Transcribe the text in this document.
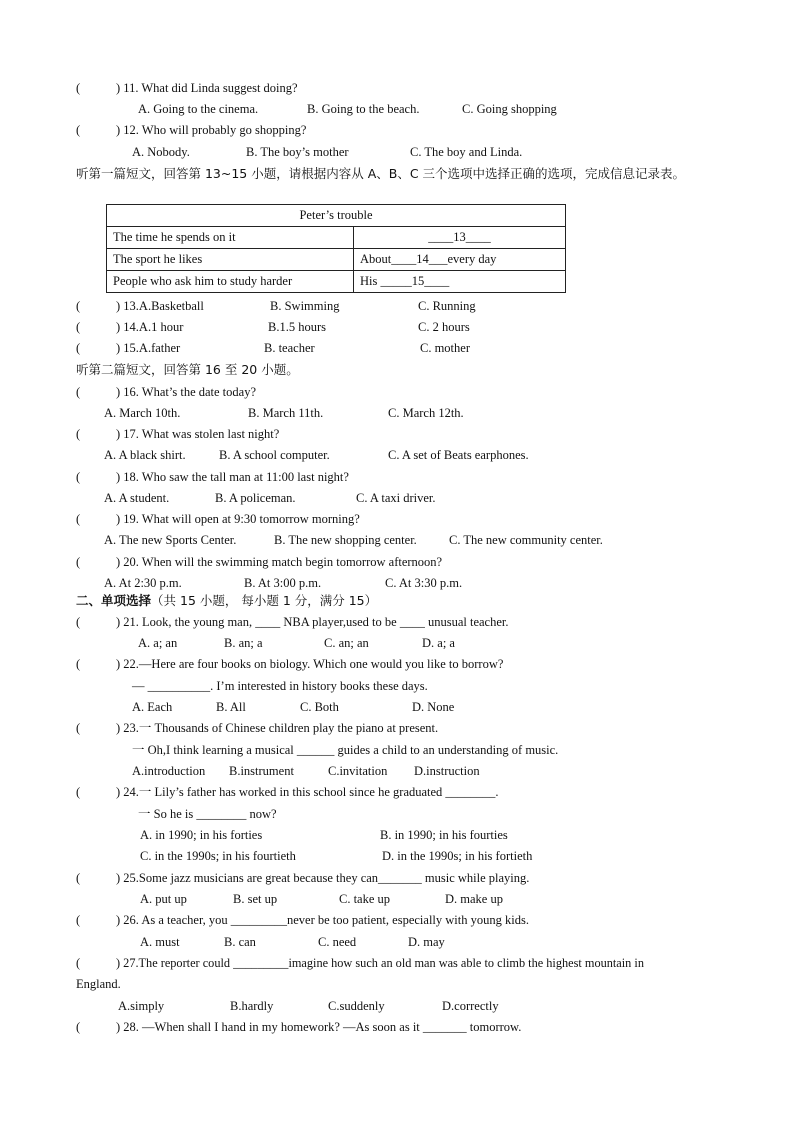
(	) 11. What did Linda suggest doing?
A. Going to the cinema.	B. Going to the beach.	C. Going shopping
(	) 12. Who will probably go shopping?
A. Nobody.	B. The boy’s mother	C. The boy and Linda.
听第一篇短文，回答第 13~15 小题，请根据内容从 A、B、C 三个选项中选择正确的选项，完成信息记录表。
Peter’s trouble	
The time he spends on it	____13____
The sport he likes	About____14___every day
People who ask him to study harder	His _____15____
(	) 13.A.Basketball	B. Swimming	C. Running
(	) 14.A.1 hour	B.1.5 hours	C. 2 hours
(	) 15.A.father	B. teacher	C. mother
听第二篇短文，回答第 16 至 20 小题。
(	) 16. What’s the date today?
A. March 10th.	B. March 11th.	C. March 12th.
(	) 17. What was stolen last night?
A. A black shirt.	B. A school computer.	C. A set of Beats earphones.
(	) 18. Who saw the tall man at 11:00 last night?
A. A student.	B. A policeman.	C. A taxi driver.
(	) 19. What will open at 9:30 tomorrow morning?
A. The new Sports Center.	B. The new shopping center.	C. The new community center.
(	) 20. When will the swimming match begin tomorrow afternoon?
A. At 2:30 p.m.	B. At 3:00 p.m.	C. At 3:30 p.m.
二、单项选择（共 15 小题， 每小题 1 分，满分 15）
(	) 21. Look, the young man, ____ NBA player,used to be ____ unusual teacher.
A. a; an	B. an; a	C. an; an	D. a; a
(	) 22.—Here are four books on biology. Which one would you like to borrow?
— __________. I’m interested in history books these days.
A. Each	B. All	C. Both	D. None
(	) 23.一 Thousands of Chinese children play the piano at present.
一 Oh,I think learning a musical ______ guides a child to an understanding of music.
A.introduction B.instrument	C.invitation D.instruction
(	) 24.一 Lily’s father has worked in this school since he graduated ________.
一 So he is ________ now?
A. in 1990; in his forties	B. in 1990; in his fourties
C. in the 1990s; in his fourtieth	D. in the 1990s; in his fortieth
(	) 25.Some jazz musicians are great because they can_______ music while playing.
A. put up	B. set up	C. take up	D. make up
(	) 26. As a teacher, you _________never be too patient, especially with young kids.
A. must	B. can	C. need	D. may
(	) 27.The reporter could _________imagine how such an old man was able to climb the highest mountain in
England.
A.simply	B.hardly	C.suddenly	D.correctly
(	) 28. —When shall I hand in my homework? —As soon as it _______ tomorrow.
